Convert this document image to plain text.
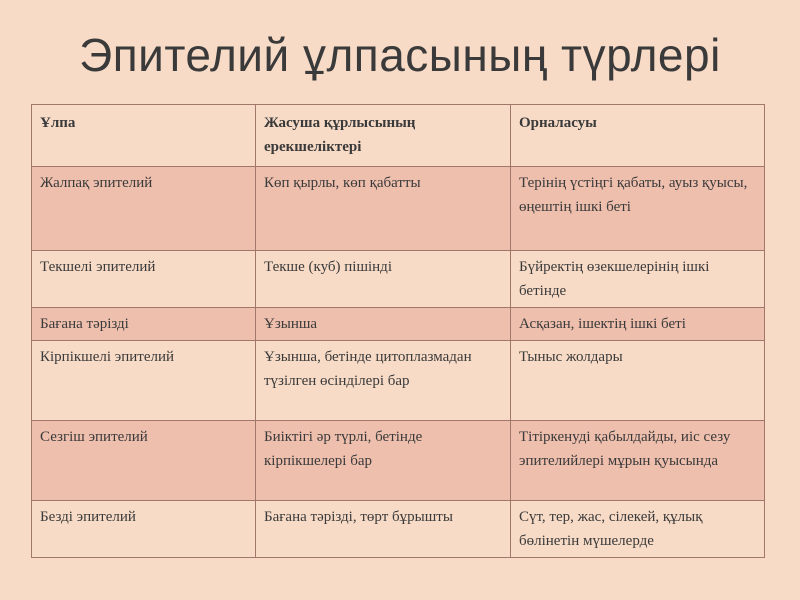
Эпителий ұлпасының түрлері
Ұлпа	Жасуша құрлысының ерекшеліктері	Орналасуы
Жалпақ эпителий	Көп қырлы, көп қабатты	Терінің үстіңгі қабаты, ауыз қуысы, өңештің ішкі беті
Текшелі эпителий	Текше (куб) пішінді	Бүйректің өзекшелерінің ішкі бетінде
Бағана тәрізді	Ұзынша	Асқазан, ішектің ішкі беті
Кірпікшелі эпителий	Ұзынша, бетінде цитоплазмадан түзілген өсінділері бар	Тыныс жолдары
Сезгіш эпителий	Биіктігі әр түрлі, бетінде кірпікшелері бар	Тітіркенуді қабылдайды, иіс сезу эпителийлері мұрын қуысында
Безді эпителий	Бағана тәрізді, төрт бұрышты	Сүт, тер, жас, сілекей, құлық бөлінетін мүшелерде
